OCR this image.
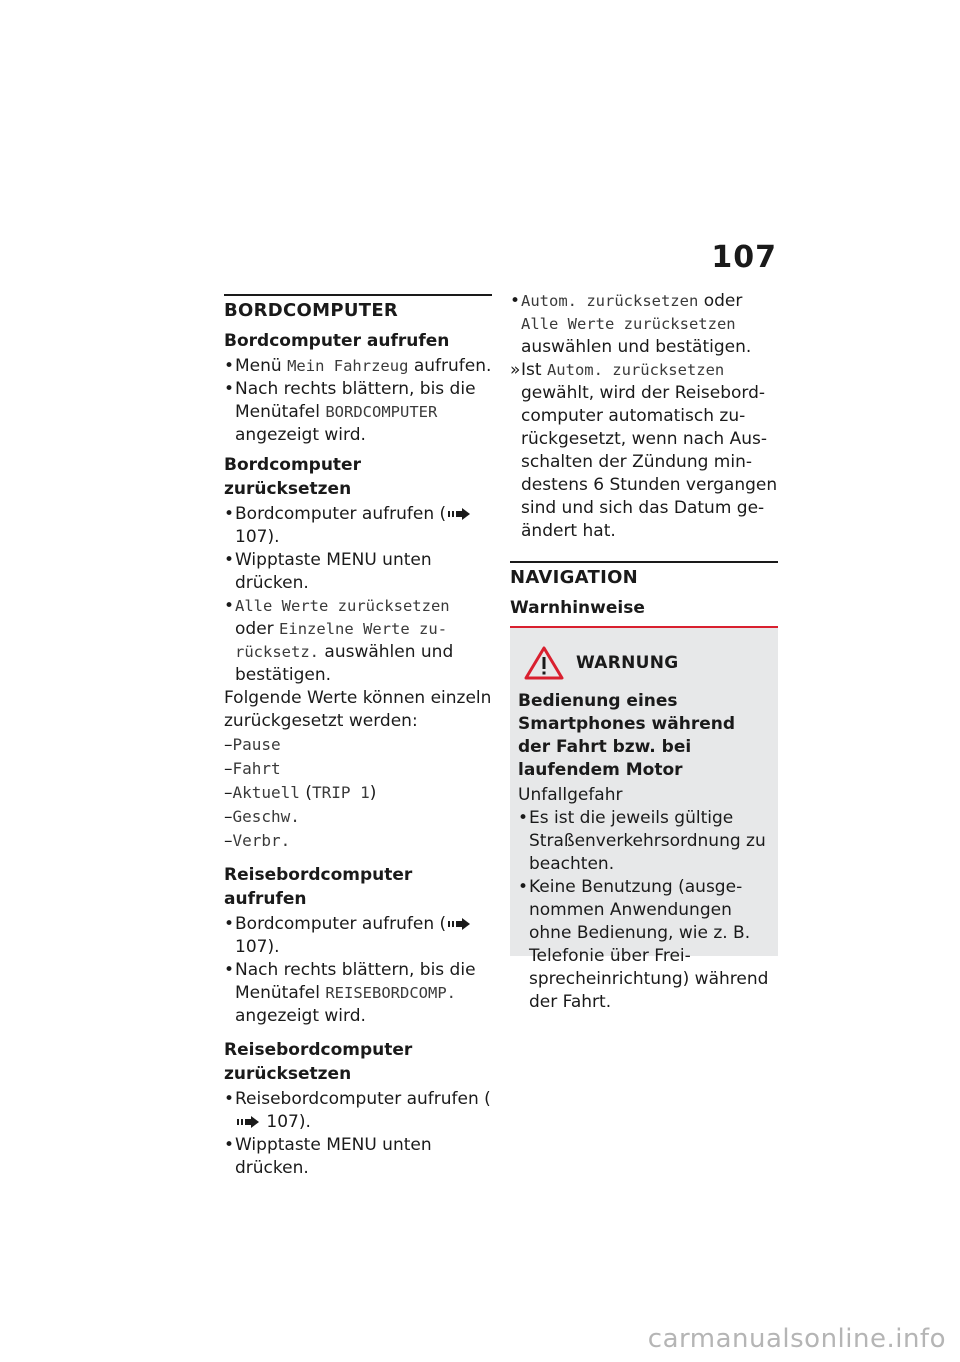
107
BORDCOMPUTER
Bordcomputer aufrufen

• Menü Mein Fahrzeug aufrufen.

• Nach rechts blättern, bis die Menütafel BORDCOMPUTER angezeigt wird.

Bordcomputer zurücksetzen

• Bordcomputer aufrufen (
107).

• Wipptaste MENU unten drücken.

• Alle Werte zurücksetzen oder Einzelne Werte zurücksetz. auswählen und bestätigen.

Folgende Werte können einzeln zurückgesetzt werden:

–Pause

–Fahrt

–Aktuell (TRIP 1)

–Geschw.

–Verbr.

Reisebordcomputer aufrufen

• Bordcomputer aufrufen (
107).

• Nach rechts blättern, bis die Menütafel REISEBORDCOMP. angezeigt wird.

Reisebordcomputer zurücksetzen

• Reisebordcomputer aufrufen (
107).

• Wipptaste MENU unten drücken.

• Autom. zurücksetzen oder Alle Werte zurücksetzen auswählen und bestätigen.

» Ist Autom. zurücksetzen gewählt, wird der Reisebordcomputer automatisch zurückgesetzt, wenn nach Ausschalten der Zündung mindestens 6 Stunden vergangen sind und sich das Datum geändert hat.

NAVIGATION
Warnhinweise
WARNUNG

Bedienung eines Smartphones während der Fahrt bzw. bei laufendem Motor

Unfallgefahr

• Es ist die jeweils gültige Straßenverkehrsordnung zu beachten.

• Keine Benutzung (ausgenommen Anwendungen ohne Bedienung, wie z. B. Telefonie über Freisprecheinrichtung) während der Fahrt.

carmanualsonline.info
